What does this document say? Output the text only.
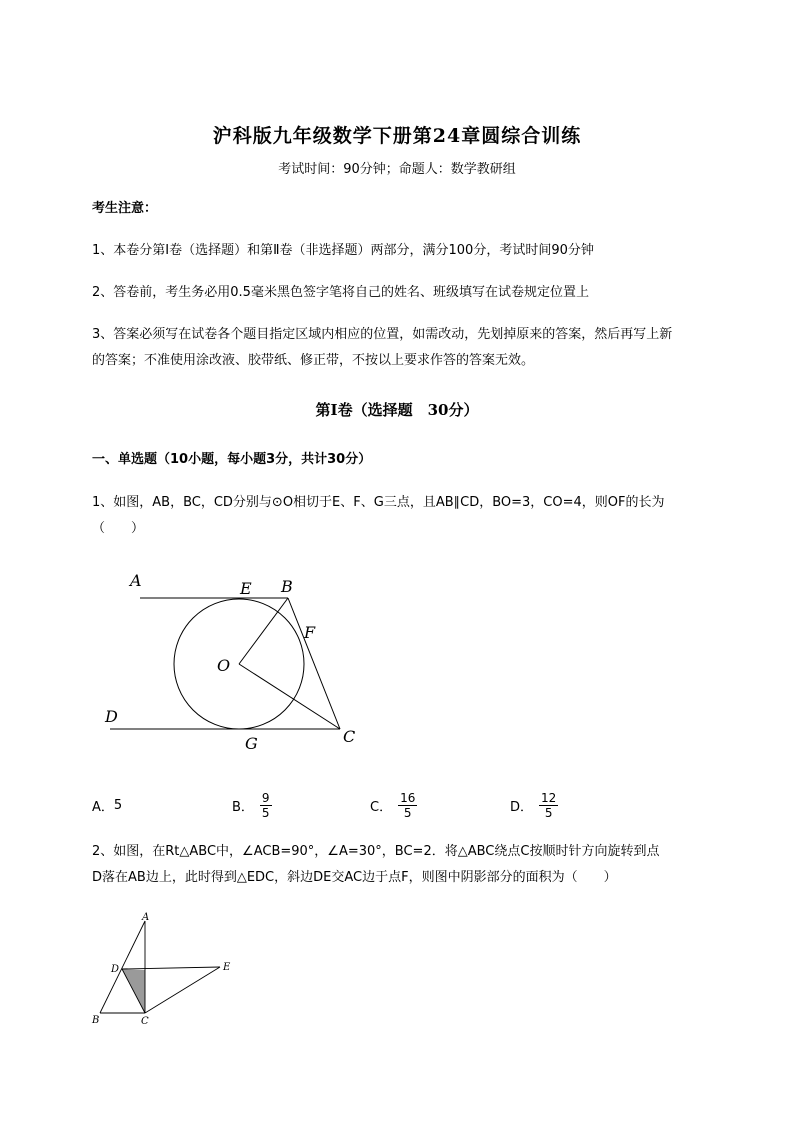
沪科版九年级数学下册第24章圆综合训练
考试时间：90分钟；命题人：数学教研组
考生注意：
1、本卷分第I卷（选择题）和第Ⅱ卷（非选择题）两部分，满分100分，考试时间90分钟
2、答卷前，考生务必用0.5毫米黑色签字笔将自己的姓名、班级填写在试卷规定位置上
3、答案必须写在试卷各个题目指定区域内相应的位置，如需改动，先划掉原来的答案，然后再写上新
的答案；不准使用涂改液、胶带纸、修正带，不按以上要求作答的答案无效。
第I卷（选择题　30分）
一、单选题（10小题，每小题3分，共计30分）
1、如图，AB，BC，CD分别与⊙O相切于E、F、G三点，且AB∥CD，BO=3，CO=4，则OF的长为
（　　）
A	E B
F
O
D
G	C
A． 5	B． $\frac{9}{5}$	C． $\frac{16}{5}$	D． $\frac{12}{5}$
2、如图，在Rt△ABC中，∠ACB=90°，∠A=30°，BC=2．将△ABC绕点C按顺时针方向旋转到点
D落在AB边上，此时得到△EDC，斜边DE交AC边于点F，则图中阴影部分的面积为（　　）
A
D	E
B	C
